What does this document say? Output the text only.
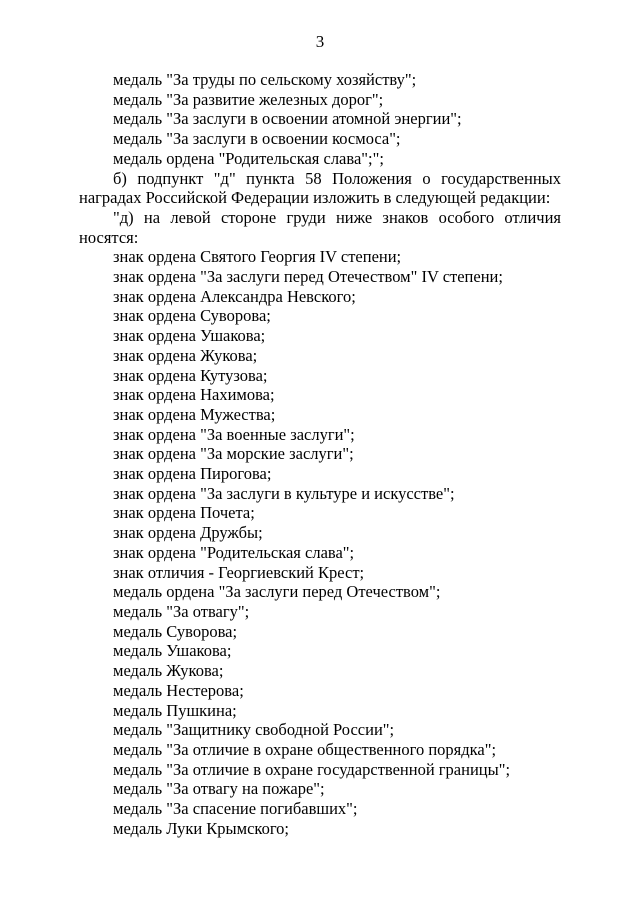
3
медаль "За труды по сельскому хозяйству";
медаль "За развитие железных дорог";
медаль "За заслуги в освоении атомной энергии";
медаль "За заслуги в освоении космоса";
медаль ордена "Родительская слава";";
б) подпункт "д" пункта 58 Положения о государственных наградах Российской Федерации изложить в следующей редакции:
"д) на левой стороне груди ниже знаков особого отличия носятся:
знак ордена Святого Георгия IV степени;
знак ордена "За заслуги перед Отечеством" IV степени;
знак ордена Александра Невского;
знак ордена Суворова;
знак ордена Ушакова;
знак ордена Жукова;
знак ордена Кутузова;
знак ордена Нахимова;
знак ордена Мужества;
знак ордена "За военные заслуги";
знак ордена "За морские заслуги";
знак ордена Пирогова;
знак ордена "За заслуги в культуре и искусстве";
знак ордена Почета;
знак ордена Дружбы;
знак ордена "Родительская слава";
знак отличия - Георгиевский Крест;
медаль ордена "За заслуги перед Отечеством";
медаль "За отвагу";
медаль Суворова;
медаль Ушакова;
медаль Жукова;
медаль Нестерова;
медаль Пушкина;
медаль "Защитнику свободной России";
медаль "За отличие в охране общественного порядка";
медаль "За отличие в охране государственной границы";
медаль "За отвагу на пожаре";
медаль "За спасение погибавших";
медаль Луки Крымского;
